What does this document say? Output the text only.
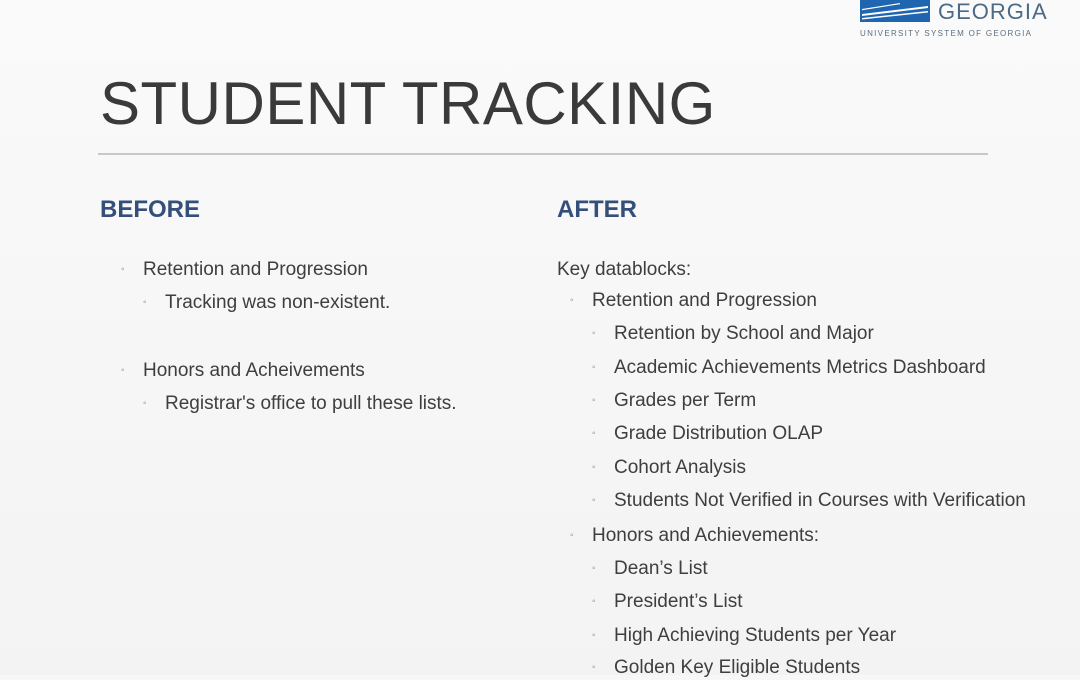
GEORGIA
UNIVERSITY SYSTEM OF GEORGIA
STUDENT TRACKING
BEFORE
◦ Retention and Progression
◦ Tracking was non-existent.
◦ Honors and Acheivements
◦ Registrar's office to pull these lists.
AFTER
Key datablocks:
◦ Retention and Progression
◦ Retention by School and Major
◦ Academic Achievements Metrics Dashboard
◦ Grades per Term
◦ Grade Distribution OLAP
◦ Cohort Analysis
◦ Students Not Verified in Courses with Verification
◦ Honors and Achievements:
◦ Dean’s List
◦ President’s List
◦ High Achieving Students per Year
◦ Golden Key Eligible Students
